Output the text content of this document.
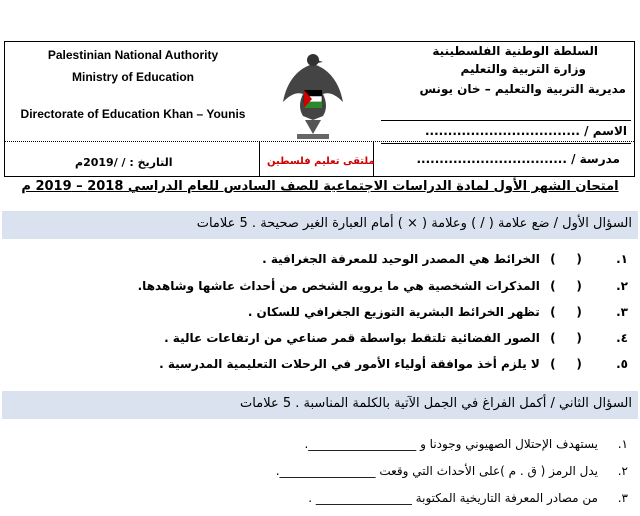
Palestinian National Authority
Ministry of Education
Directorate of Education Khan – Younis
السلطة الوطنية الفلسطينية
وزارة التربية والتعليم
مديرية التربية والتعليم – خان يونس
الاسم / ..................................
التاريخ : / /2019م	ملتقى تعليم فلسطين	مدرسة / .................................
امتحان الشهر الأول لمادة الدراسات الاجتماعية للصف السادس للعام الدراسي 2018 – 2019 م
السؤال الأول / ضع علامة ( / ) وعلامة ( × ) أمام العبارة الغير صحيحة . 5 علامات
١.(     ) الخرائط هي المصدر الوحيد للمعرفة الجغرافية .
٢.(     ) المذكرات الشخصية هي ما يرويه الشخص من أحداث عاشها وشاهدها.
٣.(     ) تظهر الخرائط البشرية التوزيع الجغرافي للسكان .
٤.(     ) الصور الفضائية تلتقط بواسطة قمر صناعي من ارتفاعات عالية .
٥.(     ) لا يلزم أخذ موافقة أولياء الأمور في الرحلات التعليمية المدرسية .
السؤال الثاني / أكمل الفراغ في الجمل الآتية بالكلمة المناسبة . 5 علامات
١.يستهدف الإحتلال الصهيوني وجودنا و __________________.
٢.يدل الرمز ( ق . م )على الأحداث التي وقعت ________________.
٣.من مصادر المعرفة التاريخية المكتوبة ________________ .
